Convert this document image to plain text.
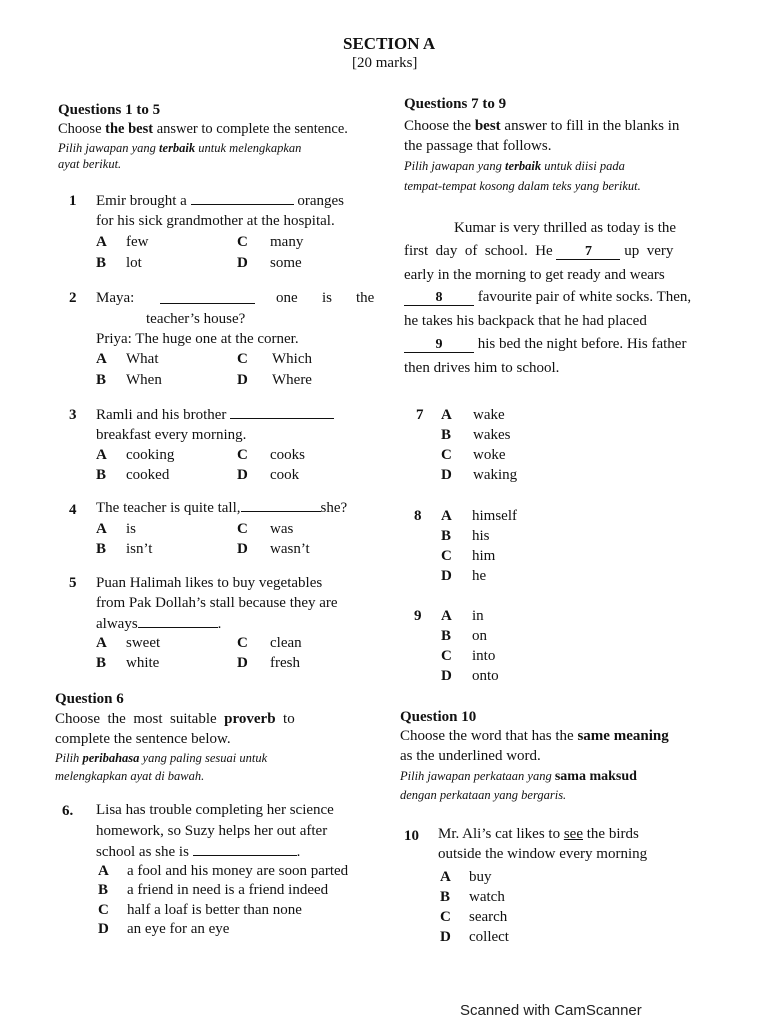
SECTION A
[20 marks]
Questions 1 to 5
Choose the best answer to complete the sentence.
Pilih jawapan yang terbaik untuk melengkapkan
ayat berikut.
1 Emir brought a	oranges
for his sick grandmother at the hospital.
A few	C many
B lot	D some
2 Maya:	one is the
teacher’s house?
Priya: The huge one at the corner.
A What	C Which
B When	D Where
3 Ramli and his brother
breakfast every morning.
A cooking	C cooks
B cooked	D cook
4 The teacher is quite tall,	she?
A is	C was
B isn’t	D wasn’t
5 Puan Halimah likes to buy vegetables
from Pak Dollah’s stall because they are
always	.
A sweet	C clean
B white	D fresh
Question 6
Choose  the  most  suitable  proverb  to
complete the sentence below.
Pilih peribahasa yang paling sesuai untuk
melengkapkan ayat di bawah.
6. Lisa has trouble completing her science
homework, so Suzy helps her out after
school as she is	.
A a fool and his money are soon parted
B a friend in need is a friend indeed
C half a loaf is better than none
D an eye for an eye
Questions 7 to 9
Choose the best answer to fill in the blanks in
the passage that follows.
Pilih jawapan yang terbaik untuk diisi pada
tempat-tempat kosong dalam teks yang berikut.
Kumar is very thrilled as today is the
first  day  of  school.  He 7 up  very
early in the morning to get ready and wears
8 favourite pair of white socks. Then,
he takes his backpack that he had placed
9 his bed the night before. His father
then drives him to school.
7 A wake
B wakes
C woke
D waking
8 A himself
B his
C him
D he
9 A in
B on
C into
D onto
Question 10
Choose the word that has the same meaning
as the underlined word.
Pilih jawapan perkataan yang sama maksud
dengan perkataan yang bergaris.
10 Mr. Ali’s cat likes to see the birds
outside the window every morning
A buy
B watch
C search
D collect
Scanned with CamScanner
